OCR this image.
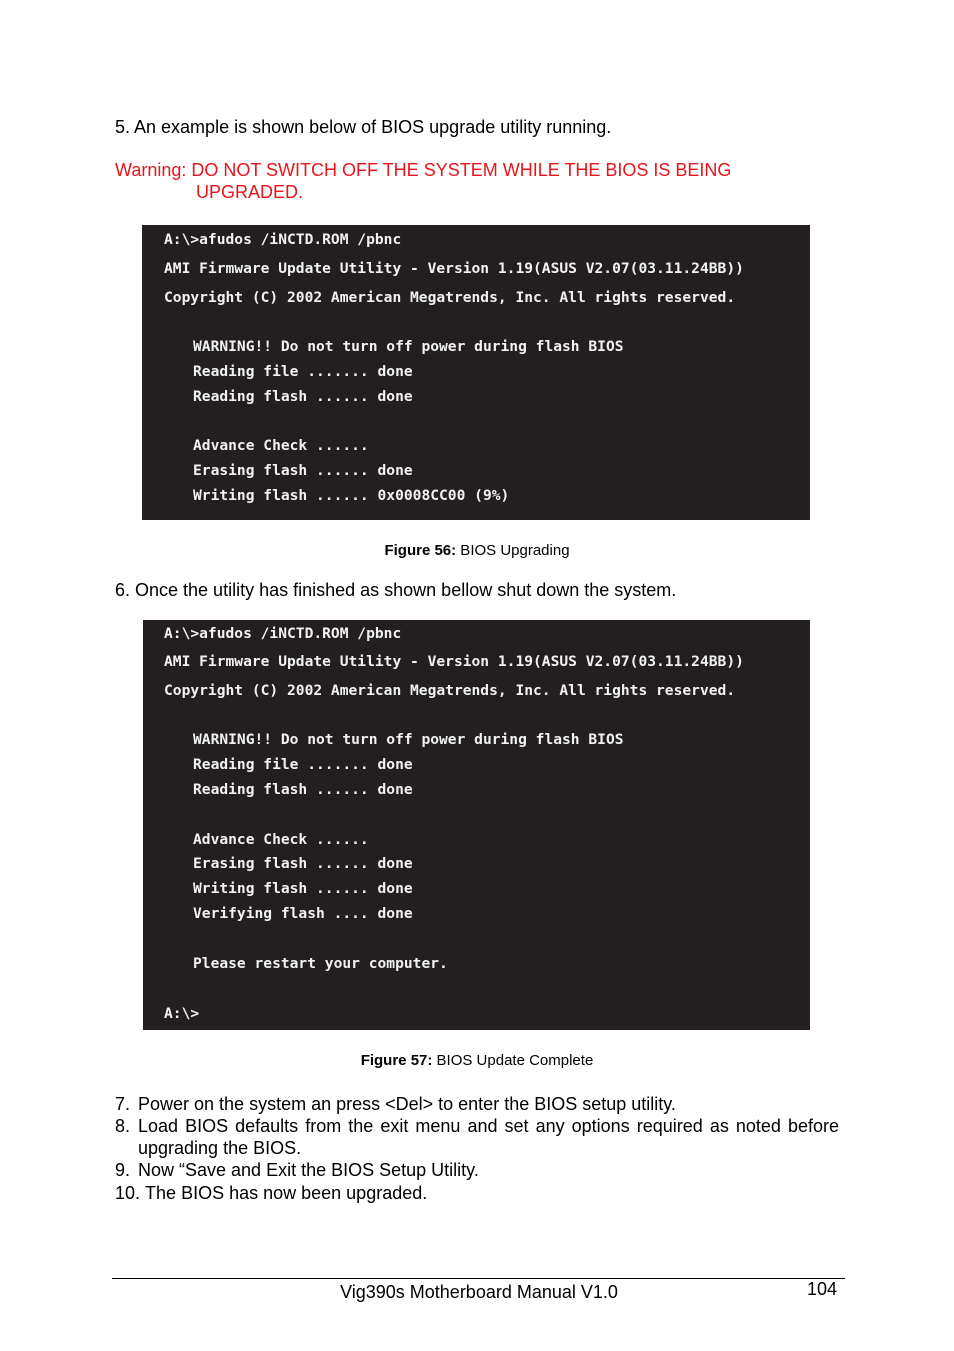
5. An example is shown below of BIOS upgrade utility running.
Warning: DO NOT SWITCH OFF THE SYSTEM WHILE THE BIOS IS BEING
UPGRADED.
A:\>afudos /iNCTD.ROM /pbnc
AMI Firmware Update Utility - Version 1.19(ASUS V2.07(03.11.24BB))
Copyright (C) 2002 American Megatrends, Inc. All rights reserved.
WARNING!! Do not turn off power during flash BIOS
Reading file ....... done
Reading flash ...... done
Advance Check ......
Erasing flash ...... done
Writing flash ...... 0x0008CC00 (9%)
Figure 56: BIOS Upgrading
6. Once the utility has finished as shown bellow shut down the system.
A:\>afudos /iNCTD.ROM /pbnc
AMI Firmware Update Utility - Version 1.19(ASUS V2.07(03.11.24BB))
Copyright (C) 2002 American Megatrends, Inc. All rights reserved.
WARNING!! Do not turn off power during flash BIOS
Reading file ....... done
Reading flash ...... done
Advance Check ......
Erasing flash ...... done
Writing flash ...... done
Verifying flash .... done
Please restart your computer.
A:\>
Figure 57: BIOS Update Complete
7. Power on the system an press <Del> to enter the BIOS setup utility.
8. Load BIOS defaults from the exit menu and set any options required as noted before upgrading the BIOS.
9. Now “Save and Exit the BIOS Setup Utility.
10.
The BIOS has now been upgraded.
Vig390s Motherboard Manual V1.0	104
